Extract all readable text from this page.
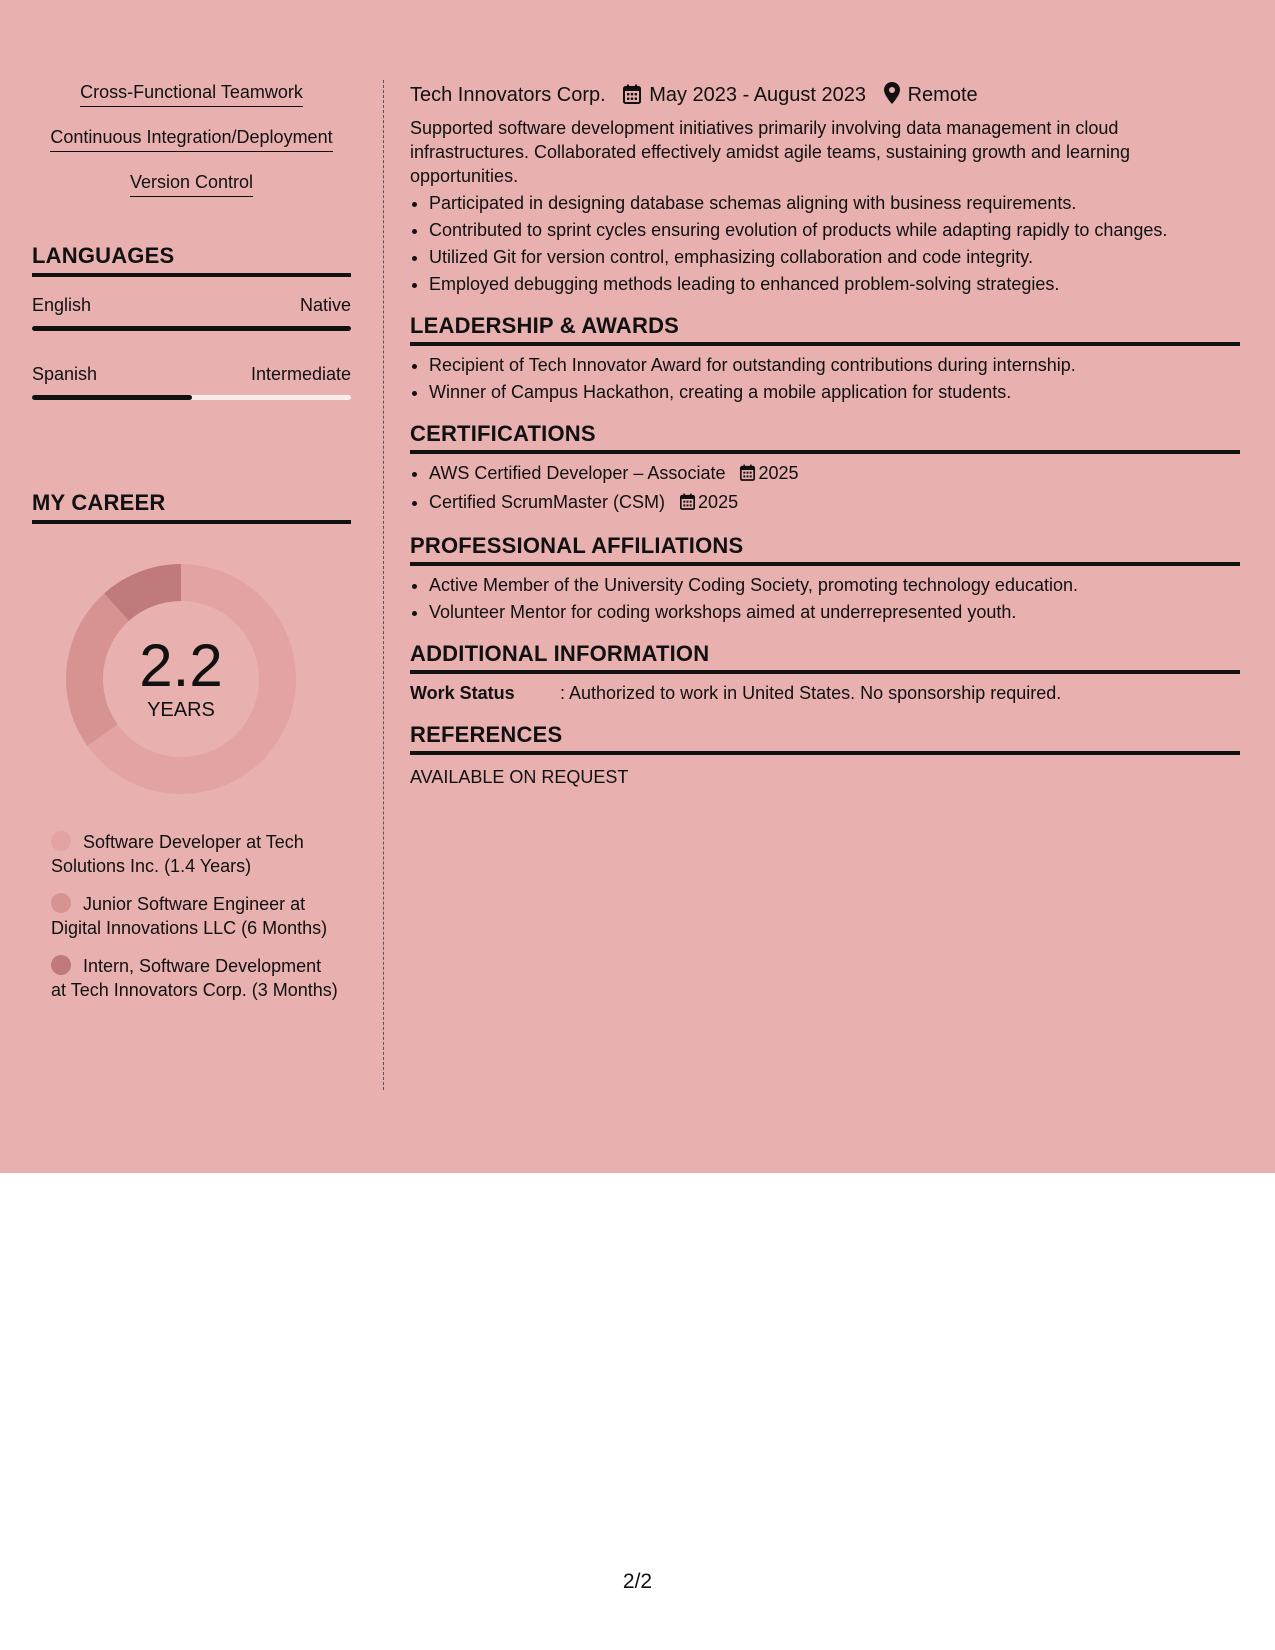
Cross-Functional Teamwork
Continuous Integration/Deployment
Version Control
LANGUAGES
English	Native
Spanish	Intermediate
MY CAREER
2.2
YEARS
Software Developer at Tech Solutions Inc. (1.4 Years)
Junior Software Engineer at Digital Innovations LLC (6 Months)
Intern, Software Development at Tech Innovators Corp. (3 Months)
Tech Innovators Corp. May 2023 - August 2023 Remote
Supported software development initiatives primarily involving data management in cloud infrastructures. Collaborated effectively amidst agile teams, sustaining growth and learning opportunities.
• Participated in designing database schemas aligning with business requirements.
• Contributed to sprint cycles ensuring evolution of products while adapting rapidly to changes.
• Utilized Git for version control, emphasizing collaboration and code integrity.
• Employed debugging methods leading to enhanced problem-solving strategies.
LEADERSHIP & AWARDS
• Recipient of Tech Innovator Award for outstanding contributions during internship.
• Winner of Campus Hackathon, creating a mobile application for students.
CERTIFICATIONS
• AWS Certified Developer – Associate 2025
• Certified ScrumMaster (CSM) 2025
PROFESSIONAL AFFILIATIONS
• Active Member of the University Coding Society, promoting technology education.
• Volunteer Mentor for coding workshops aimed at underrepresented youth.
ADDITIONAL INFORMATION
Work Status	: Authorized to work in United States. No sponsorship required.
REFERENCES
AVAILABLE ON REQUEST
2/2
